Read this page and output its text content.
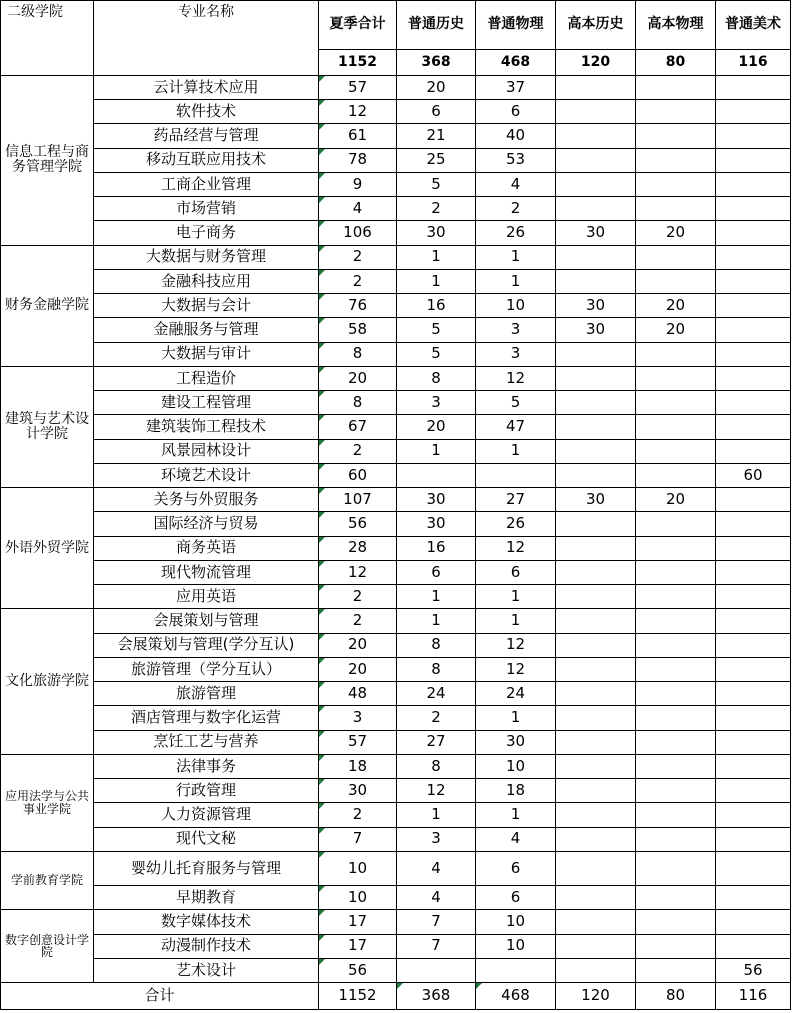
二级学院	专业名称	夏季合计	普通历史	普通物理	高本历史	高本物理	普通美术
		1152	368	468	120	80	116
信息工程与商务管理学院	云计算技术应用	57	20	37			
	软件技术	12	6	6			
	药品经营与管理	61	21	40			
	移动互联应用技术	78	25	53			
	工商企业管理	9	5	4			
	市场营销	4	2	2			
	电子商务	106	30	26	30	20	
财务金融学院	大数据与财务管理	2	1	1			
	金融科技应用	2	1	1			
	大数据与会计	76	16	10	30	20	
	金融服务与管理	58	5	3	30	20	
	大数据与审计	8	5	3			
建筑与艺术设计学院	工程造价	20	8	12			
	建设工程管理	8	3	5			
	建筑装饰工程技术	67	20	47			
	风景园林设计	2	1	1			
	环境艺术设计	60					60
外语外贸学院	关务与外贸服务	107	30	27	30	20	
	国际经济与贸易	56	30	26			
	商务英语	28	16	12			
	现代物流管理	12	6	6			
	应用英语	2	1	1			
文化旅游学院	会展策划与管理	2	1	1			
	会展策划与管理(学分互认)	20	8	12			
	旅游管理（学分互认）	20	8	12			
	旅游管理	48	24	24			
	酒店管理与数字化运营	3	2	1			
	烹饪工艺与营养	57	27	30			
应用法学与公共事业学院	法律事务	18	8	10			
	行政管理	30	12	18			
	人力资源管理	2	1	1			
	现代文秘	7	3	4			
学前教育学院	婴幼儿托育服务与管理	10	4	6			
	早期教育	10	4	6			
数字创意设计学院	数字媒体技术	17	7	10			
	动漫制作技术	17	7	10			
	艺术设计	56					56
合计		1152	368	468	120	80	116
